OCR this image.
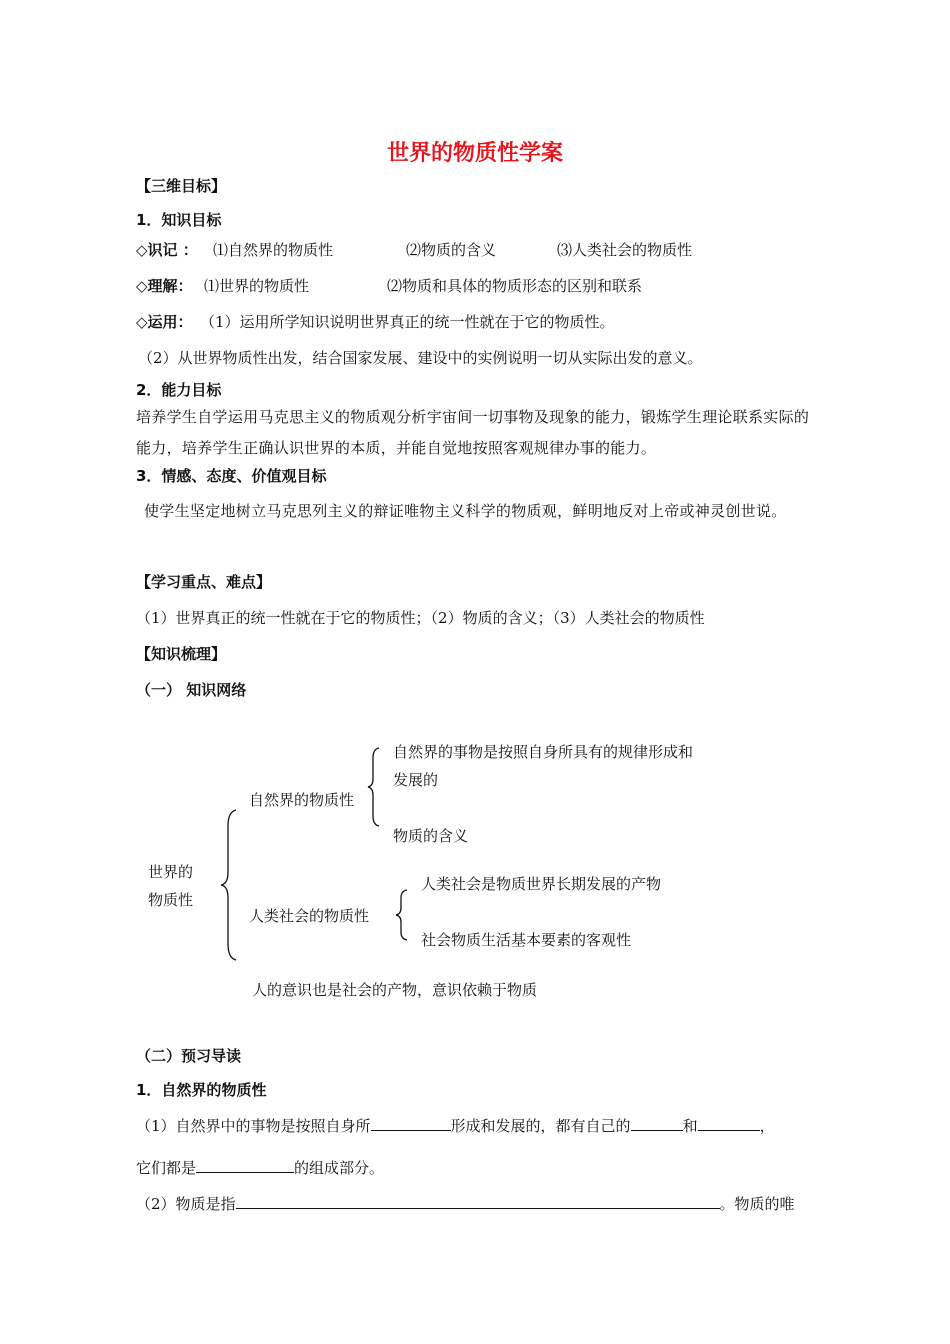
世界的物质性学案
【三维目标】
1．知识目标
◇识记 ： ⑴自然界的物质性	⑵物质的含义	⑶人类社会的物质性
◇理解： ⑴世界的物质性	⑵物质和具体的物质形态的区别和联系
◇运用： （1）运用所学知识说明世界真正的统一性就在于它的物质性。
（2）从世界物质性出发，结合国家发展、建设中的实例说明一切从实际出发的意义。
2．能力目标
培养学生自学运用马克思主义的物质观分析宇宙间一切事物及现象的能力，锻炼学生理论联系实际的能力，培养学生正确认识世界的本质，并能自觉地按照客观规律办事的能力。
3．情感、态度、价值观目标
使学生坚定地树立马克思列主义的辩证唯物主义科学的物质观，鲜明地反对上帝或神灵创世说。
【学习重点、难点】
（1）世界真正的统一性就在于它的物质性；（2）物质的含义；（3）人类社会的物质性
【知识梳理】
（一） 知识网络
世界的
物质性
自然界的物质性
自然界的事物是按照自身所具有的规律形成和
发展的
物质的含义
人类社会的物质性
人类社会是物质世界长期发展的产物
社会物质生活基本要素的客观性
人的意识也是社会的产物，意识依赖于物质
（二）预习导读
1．自然界的物质性
（1）自然界中的事物是按照自身所	形成和发展的，都有自己的	和	，
它们都是	的组成部分。
（2）物质是指	。物质的唯
